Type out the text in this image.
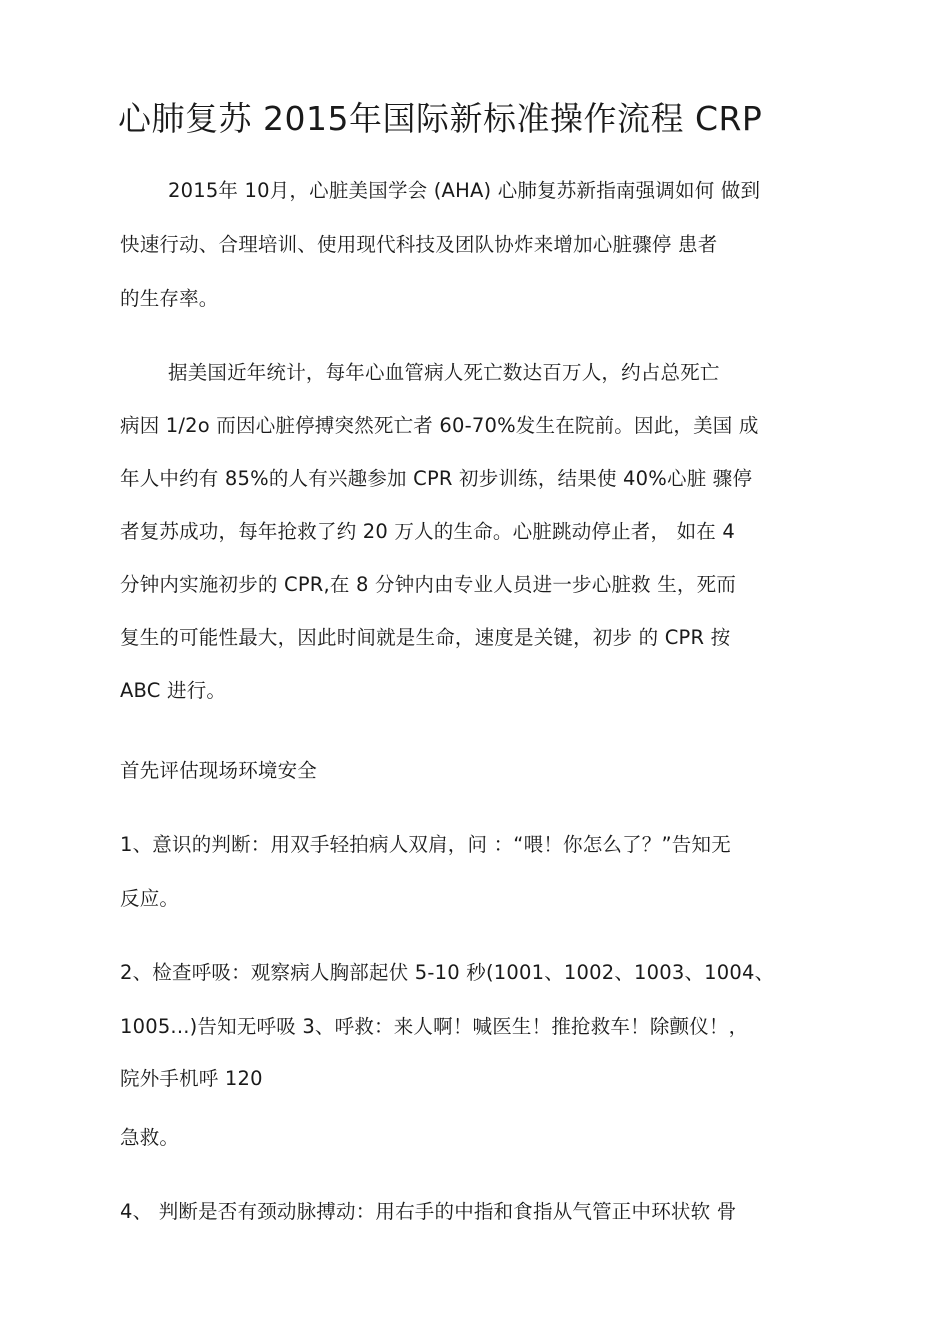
心肺复苏 2015年国际新标准操作流程 CRP
2015年 10月，心脏美国学会 (AHA) 心肺复苏新指南强调如何 做到
快速行动、合理培训、使用现代科技及团队协炸来增加心脏骤停 患者
的生存率。
据美国近年统计，每年心血管病人死亡数达百万人，约占总死亡
病因 1/2o 而因心脏停搏突然死亡者 60-70%发生在院前。因此，美国 成
年人中约有 85%的人有兴趣参加 CPR 初步训练，结果使 40%心脏 骤停
者复苏成功，每年抢救了约 20 万人的生命。心脏跳动停止者， 如在 4
分钟内实施初步的 CPR,在 8 分钟内由专业人员进一步心脏救 生，死而
复生的可能性最大，因此时间就是生命，速度是关键，初步 的 CPR 按
ABC 进行。
首先评估现场环境安全
1、意识的判断：用双手轻拍病人双肩，问 ：“喂！你怎么了？”告知无
反应。
2、检查呼吸：观察病人胸部起伏 5-10 秒(1001、1002、1003、1004、
1005...)告知无呼吸 3、呼救：来人啊！喊医生！推抢救车！除颤仪！，
院外手机呼 120
急救。
4、 判断是否有颈动脉搏动：用右手的中指和食指从气管正中环状软 骨
